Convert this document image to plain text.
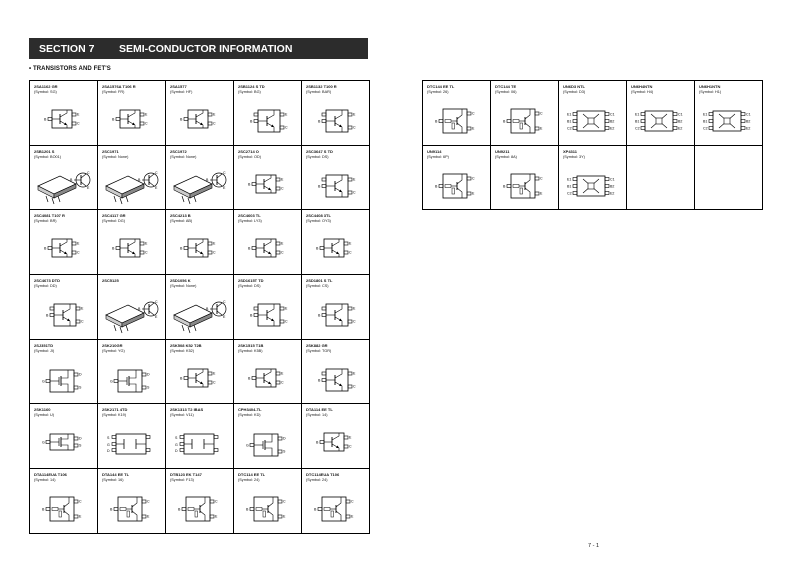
SECTION 7	SEMI-CONDUCTOR INFORMATION
• TRANSISTORS AND FET'S
B
E
C
2SA1162 GR
(Symbol: SG)
B
E
C
2SA1576A T106 R
(Symbol: FR)
B
E
C
2SA1577
(Symbol: HF)
B
E
C
2SB1124 S TD
(Symbol: BG)
B
E
C
2SB1132 T100 R
(Symbol: BAR)
B
C
E
2SB1201 S
(Symbol: BO01)
B
C
E
2SC1971
(Symbol: None)
B
C
E
2SC1972
(Symbol: None)
B
E
C
2SC2714 O
(Symbol: OD)
B
E
C
2SC3647 S TD
(Symbol: DS)
B
E
C
2SC4081 T107 R
(Symbol: BR)
B
E
C
2SC4117 GR
(Symbol: DG)
B
E
C
2SC4213 B
(Symbol: AB)
B
E
C
2SC4603 TL
(Symbol: LY3)
B
E
C
2SC4408 3TL
(Symbol: OY3)
B
E
C
2SC4673 DTD
(Symbol: DD)
B
C
E
2SC5125
B
C
E
2SD1056 K
(Symbol: None)
B
E
C
2SD1615T TD
(Symbol: DS)
B
E
C
2SD1801 S TL
(Symbol: CS)
G
D
S
2SJ351TD
(Symbol: JI)
G
D
S
2SK210GR
(Symbol: YG)
B
E
C
2SK508 K52 T2B
(Symbol: K52)
B
E
C
2SK1515 T1B
(Symbol: K5B)
B
E
C
2SK882 GR
(Symbol: TGR)
G
D
S
2SK1160
(Symbol: U)
S
G
D
2SK2171 4TD
(Symbol: K19)
S
G
D
2SK1313 T2 IBAS
(Symbol: V11)
G
D
S
CPH3404-TL
(Symbol: KD)
B
E
C
DTA114 EE TL
(Symbol: 14)
B
C
E
DTA114EUA T106
(Symbol: 14)
B
C
E
DTA144 EE TL
(Symbol: 16)
B
C
E
DTB123 EK T147
(Symbol: F13)
B
C
E
DTC114 EE TL
(Symbol: 24)
B
C
E
DTC114EUA T106
(Symbol: 24)
B
C
E
DTC144 EE TL
(Symbol: 26)
B
C
E
DTC144 TE
(Symbol: 06)
E1
B1
C2
C1
B2
E2
UN6D3 NTL
(Symbol: D3)
E1
B1
C2
C1
B2
E2
UN6H4NTN
(Symbol: H4)
E1
B1
C2
C1
B2
E2
UN6H1NTN
(Symbol: H1)
B
C
E
UN9114
(Symbol: 6P)
B
C
E
UN9211
(Symbol: 8A)
E1
B1
C2
C1
B2
E2
XP4311
(Symbol: 3Y)
7 - 1
